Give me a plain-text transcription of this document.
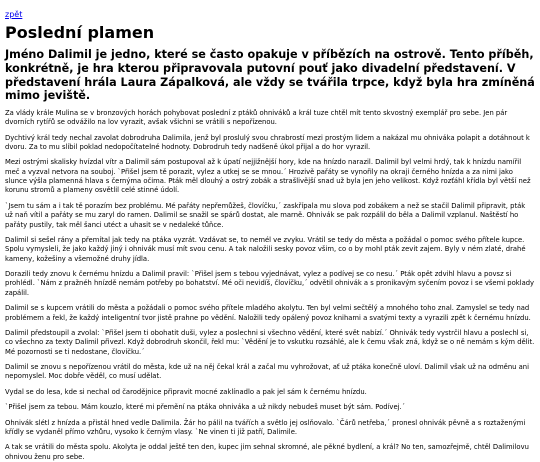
zpět
Poslední plamen

Jméno Dalimil je jedno, které se často opakuje v příbězích na ostrově. Tento příběh, konkrétně, je hra kterou připravovala putovní pouť jako divadelní představení. V představení hrála Laura Zápalková, ale vždy se tvářila trpce, když byla hra zmíněná mimo jeviště.

Za vlády krále Mulina se v bronzových horách pohybovat poslední z ptáků ohniváků a král tuze chtěl mít tento skvostný exemplář pro sebe. Jen pár dvorních rytířů se odvážilo na lov vyrazit, avšak všichni se vrátili s nepořízenou.

Dychtivý král tedy nechal zavolat dobrodruha Dalimila, jenž byl proslulý svou chrabrostí mezi prostým lidem a nakázal mu ohniváka polapit a dotáhnout k dvoru. Za to mu slíbil poklad nedopočítatelné hodnoty. Dobrodruh tedy nadšeně úkol přijal a do hor vyrazil.

Mezi ostrými skalisky hvízdal vítr a Dalimil sám postupoval až k úpatí nejjižnější hory, kde na hnízdo narazil. Dalimil byl velmi hrdý, tak k hnízdu namířil meč a vyzval netvora na souboj. `Přišel jsem tě porazit, vylez a utkej se se mnou.´ Hrozivě pařáty se vynořily na okraji černého hnízda a za nimi jako slunce výšla plamenná hlava s černýma očima. Pták měl dlouhý a ostrý zobák a strašlivější snad už byla jen jeho velikost. Když rozťáhl křídla byl větší než korunu stromů a plameny osvětlil celé stinné údolí.

`Jsem tu sám a i tak tě porazím bez problému. Mé pařáty nepřemůžeš, človíčku,´ zaskřípala mu slova pod zobákem a než se stačil Dalimil připravit, pták už naň vítil a pařáty se mu zaryl do ramen. Dalimil se snažil se spárů dostat, ale marně. Ohnivák se pak rozpálil do běla a Dalimil vzplanul. Naštěstí ho pařáty pustily, tak měl šanci utéct a uhasit se v nedaleké tůňce.

Dalimil si sešel rány a přemítal jak tedy na ptáka vyzrát. Vzdávat se, to nemél ve zvyku. Vrátil se tedy do města a požádal o pomoc svého přítele kupce. Spolu vymysleli, že jako každý jiný i ohnivák musí mít svou cenu. A tak naložili sesky povoz všim, co o by mohl pták zevit zajem. Byly v ném zlaté, drahé kameny, kožešiny a všemožné druhy jídla.

Dorazili tedy znovu k černému hnízdu a Dalimil pravil: `Přišel jsem s tebou vyjednávat, vylez a podívej se co nesu.´ Pták opět zdvihl hlavu a povsz si prohlédl. `Nám z pražnéh hnízdě nemám potřeby po bohatství. Mé oči nevidíš, človíčku,´ odvětil ohnivák a s pronikavým syčením povoz i se všemi poklady zapálil.

Dalimil se s kupcem vrátili do města a požádali o pomoc svého přítele mladého akolytu. Ten byl velmi sečtělý a mnohého toho znal. Zamyslel se tedy nad problémem a řekl, že každý inteligentní tvor jistě prahne po vědění. Naložili tedy opálený povoz knihami a svatými texty a vyrazili zpět k černému hnízdu.

Dalimil předstoupil a zvolal: `Přišel jsem ti obohatit duši, vylez a poslechni si všechno vědění, které svět nabízí.´ Ohnivák tedy vystrčil hlavu a poslechl si, co všechno za texty Dalimil přivezl. Když dobrodruh skončil, řekl mu: `Vědění je to vskutku rozsáhlé, ale k čemu však zná, když se o ně nemám s kým dělit. Mé pozornosti se ti nedostane, človíčku.´

Dalimil se znovu s nepořízenou vrátil do města, kde už na něj čekal král a začal mu vyhrožovat, ať už ptáka konečně uloví. Dalimil však už na odměnu ani nepomyslel. Moc dobře věděl, co musí udělat.

Vydal se do lesa, kde si nechal od čarodějnice připravit mocné zaklínadlo a pak jel sám k černému hnízdu.

`Přišel jsem za tebou. Mám kouzlo, které mi přemění na ptáka ohniváka a už nikdy nebudeš muset být sám. Podívej.´

Ohnivák slétl z hnízda a přistál hned vedle Dalimila. Žár ho pálil na tvářích a světlo jej oslňovalo. `Čárů netřeba,´ pronesl ohnivák pěvně a s roztaženými křídly se vydaněl přímo vzhůru, vysoko k černým vlasy. `Ne vinen ti již patří, Dalimile.

A tak se vrátili do města spolu. Akolyta je oddal ještě ten den, kupec jim sehnal skromné, ale pěkné bydlení, a král? No ten, samozřejmě, chtěl Dalimilovu ohnivou ženu pro sebe.
